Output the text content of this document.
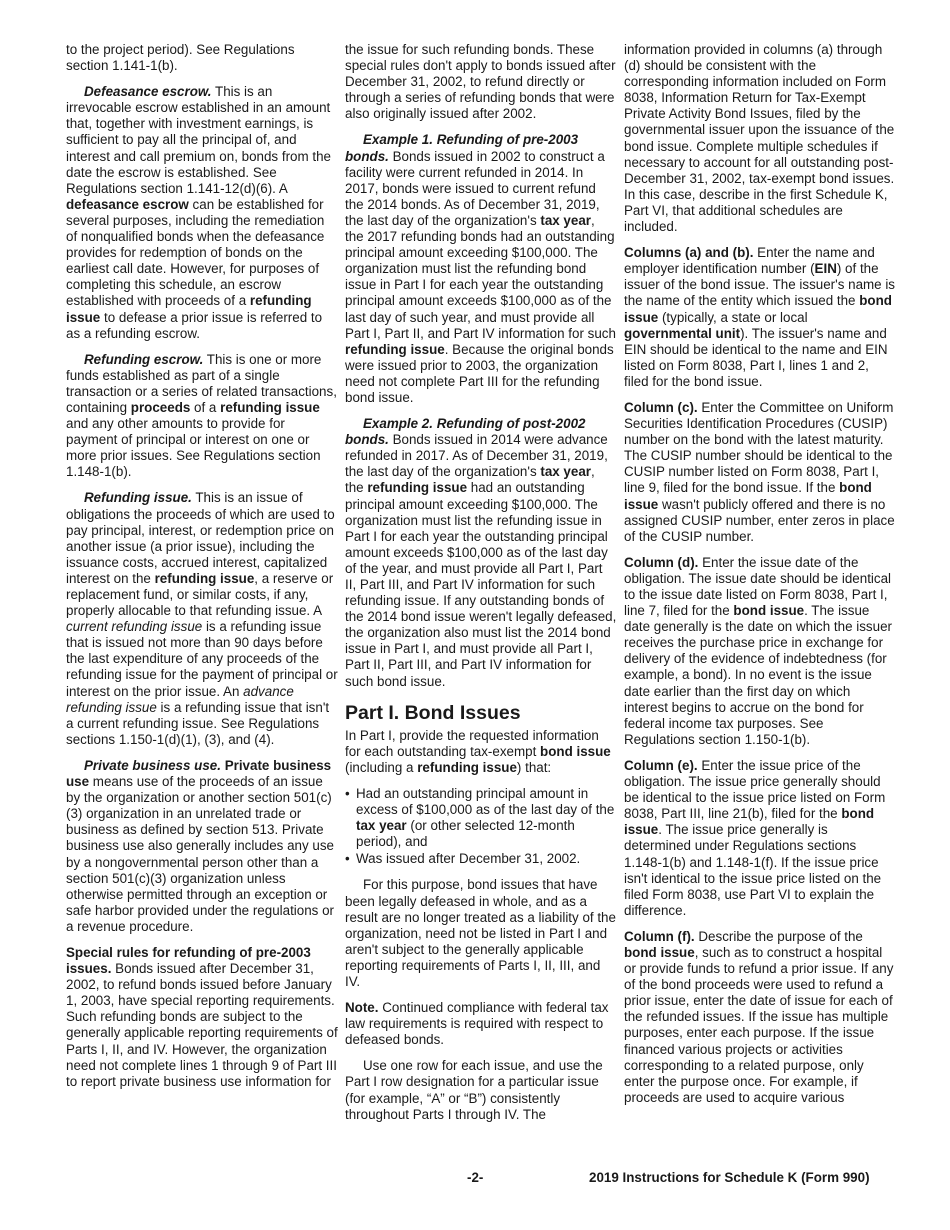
to the project period). See Regulations section 1.141-1(b).

Defeasance escrow. This is an irrevocable escrow established in an amount that, together with investment earnings, is sufficient to pay all the principal of, and interest and call premium on, bonds from the date the escrow is established. See Regulations section 1.141-12(d)(6). A defeasance escrow can be established for several purposes, including the remediation of nonqualified bonds when the defeasance provides for redemption of bonds on the earliest call date. However, for purposes of completing this schedule, an escrow established with proceeds of a refunding issue to defease a prior issue is referred to as a refunding escrow.

Refunding escrow. This is one or more funds established as part of a single transaction or a series of related transactions, containing proceeds of a refunding issue and any other amounts to provide for payment of principal or interest on one or more prior issues. See Regulations section 1.148-1(b).

Refunding issue. This is an issue of obligations the proceeds of which are used to pay principal, interest, or redemption price on another issue (a prior issue), including the issuance costs, accrued interest, capitalized interest on the refunding issue, a reserve or replacement fund, or similar costs, if any, properly allocable to that refunding issue. A current refunding issue is a refunding issue that is issued not more than 90 days before the last expenditure of any proceeds of the refunding issue for the payment of principal or interest on the prior issue. An advance refunding issue is a refunding issue that isn't a current refunding issue. See Regulations sections 1.150-1(d)(1), (3), and (4).

Private business use. Private business use means use of the proceeds of an issue by the organization or another section 501(c)(3) organization in an unrelated trade or business as defined by section 513. Private business use also generally includes any use by a nongovernmental person other than a section 501(c)(3) organization unless otherwise permitted through an exception or safe harbor provided under the regulations or a revenue procedure.

Special rules for refunding of pre-2003 issues. Bonds issued after December 31, 2002, to refund bonds issued before January 1, 2003, have special reporting requirements. Such refunding bonds are subject to the generally applicable reporting requirements of Parts I, II, and IV. However, the organization need not complete lines 1 through 9 of Part III to report private business use information for

the issue for such refunding bonds. These special rules don't apply to bonds issued after December 31, 2002, to refund directly or through a series of refunding bonds that were also originally issued after 2002.

Example 1. Refunding of pre-2003 bonds. Bonds issued in 2002 to construct a facility were current refunded in 2014. In 2017, bonds were issued to current refund the 2014 bonds. As of December 31, 2019, the last day of the organization's tax year, the 2017 refunding bonds had an outstanding principal amount exceeding $100,000. The organization must list the refunding bond issue in Part I for each year the outstanding principal amount exceeds $100,000 as of the last day of such year, and must provide all Part I, Part II, and Part IV information for such refunding issue. Because the original bonds were issued prior to 2003, the organization need not complete Part III for the refunding bond issue.

Example 2. Refunding of post-2002 bonds. Bonds issued in 2014 were advance refunded in 2017. As of December 31, 2019, the last day of the organization's tax year, the refunding issue had an outstanding principal amount exceeding $100,000. The organization must list the refunding issue in Part I for each year the outstanding principal amount exceeds $100,000 as of the last day of the year, and must provide all Part I, Part II, Part III, and Part IV information for such refunding issue. If any outstanding bonds of the 2014 bond issue weren't legally defeased, the organization also must list the 2014 bond issue in Part I, and must provide all Part I, Part II, Part III, and Part IV information for such bond issue.

Part I. Bond Issues

In Part I, provide the requested information for each outstanding tax-exempt bond issue (including a refunding issue) that:

• Had an outstanding principal amount in excess of $100,000 as of the last day of the tax year (or other selected 12-month period), and
• Was issued after December 31, 2002.

For this purpose, bond issues that have been legally defeased in whole, and as a result are no longer treated as a liability of the organization, need not be listed in Part I and aren't subject to the generally applicable reporting requirements of Parts I, II, III, and IV.

Note. Continued compliance with federal tax law requirements is required with respect to defeased bonds.

Use one row for each issue, and use the Part I row designation for a particular issue (for example, “A” or “B”) consistently throughout Parts I through IV. The

information provided in columns (a) through (d) should be consistent with the corresponding information included on Form 8038, Information Return for Tax-Exempt Private Activity Bond Issues, filed by the governmental issuer upon the issuance of the bond issue. Complete multiple schedules if necessary to account for all outstanding post-December 31, 2002, tax-exempt bond issues. In this case, describe in the first Schedule K, Part VI, that additional schedules are included.

Columns (a) and (b). Enter the name and employer identification number (EIN) of the issuer of the bond issue. The issuer's name is the name of the entity which issued the bond issue (typically, a state or local governmental unit). The issuer's name and EIN should be identical to the name and EIN listed on Form 8038, Part I, lines 1 and 2, filed for the bond issue.

Column (c). Enter the Committee on Uniform Securities Identification Procedures (CUSIP) number on the bond with the latest maturity. The CUSIP number should be identical to the CUSIP number listed on Form 8038, Part I, line 9, filed for the bond issue. If the bond issue wasn't publicly offered and there is no assigned CUSIP number, enter zeros in place of the CUSIP number.

Column (d). Enter the issue date of the obligation. The issue date should be identical to the issue date listed on Form 8038, Part I, line 7, filed for the bond issue. The issue date generally is the date on which the issuer receives the purchase price in exchange for delivery of the evidence of indebtedness (for example, a bond). In no event is the issue date earlier than the first day on which interest begins to accrue on the bond for federal income tax purposes. See Regulations section 1.150-1(b).

Column (e). Enter the issue price of the obligation. The issue price generally should be identical to the issue price listed on Form 8038, Part III, line 21(b), filed for the bond issue. The issue price generally is determined under Regulations sections 1.148-1(b) and 1.148-1(f). If the issue price isn't identical to the issue price listed on the filed Form 8038, use Part VI to explain the difference.

Column (f). Describe the purpose of the bond issue, such as to construct a hospital or provide funds to refund a prior issue. If any of the bond proceeds were used to refund a prior issue, enter the date of issue for each of the refunded issues. If the issue has multiple purposes, enter each purpose. If the issue financed various projects or activities corresponding to a related purpose, only enter the purpose once. For example, if proceeds are used to acquire various

-2-	2019 Instructions for Schedule K (Form 990)
